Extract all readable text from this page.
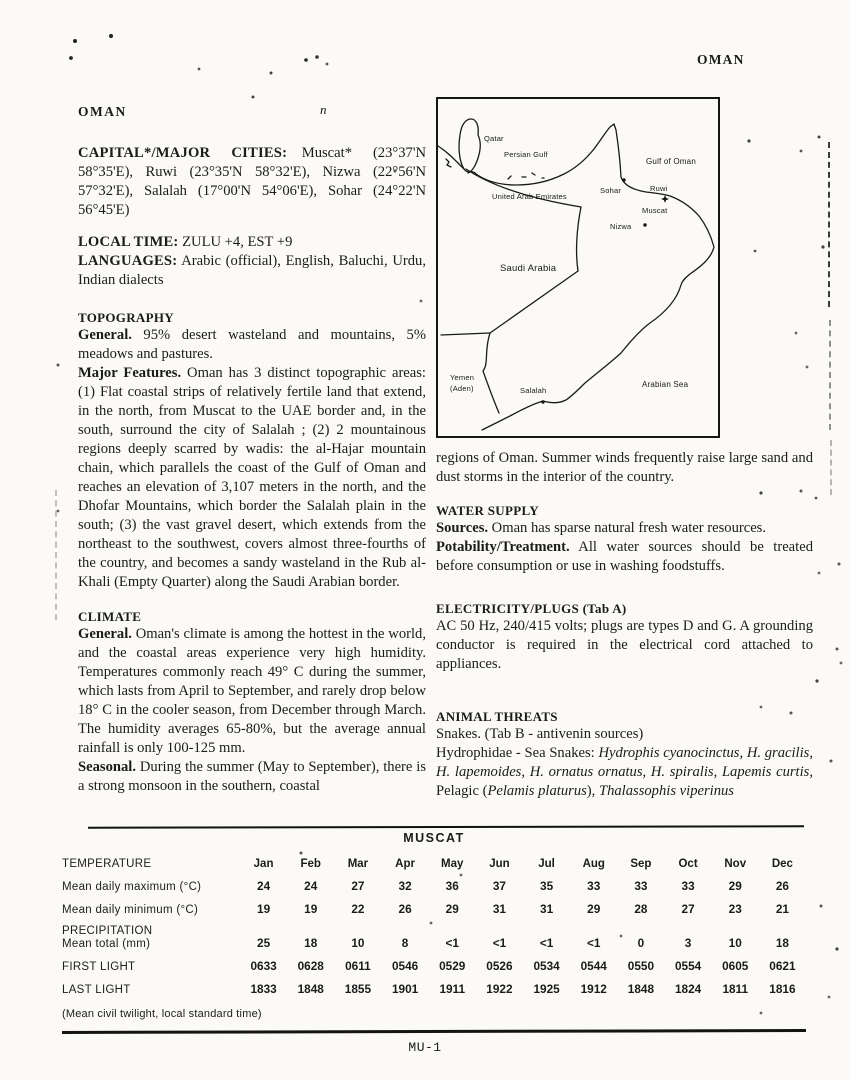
OMAN
n
OMAN

CAPITAL*/MAJOR CITIES:  Muscat* (23°37'N 58°35'E), Ruwi (23°35'N 58°32'E), Nizwa (22°56'N 57°32'E), Salalah (17°00'N 54°06'E), Sohar (24°22'N 56°45'E)

LOCAL TIME: ZULU +4, EST +9

LANGUAGES: Arabic (official), English, Baluchi, Urdu, Indian dialects

TOPOGRAPHY

General. 95% desert wasteland and mountains, 5% meadows and pastures.

Major Features. Oman has 3 distinct topographic areas: (1) Flat coastal strips of relatively fertile land that extend, in the north, from Muscat to the UAE border and, in the south, surround the city of Salalah ; (2) 2 mountainous regions deeply scarred by wadis: the al-Hajar mountain chain, which parallels the coast of the Gulf of Oman and reaches an elevation of 3,107 meters in the north, and the Dhofar Mountains, which border the Salalah plain in the south; (3) the vast gravel desert, which extends from the northeast to the southwest, covers almost three-fourths of the country, and becomes a sandy wasteland in the Rub al-Khali (Empty Quarter) along the Saudi Arabian border.

CLIMATE

General. Oman's climate is among the hottest in the world, and the coastal areas experience very high humidity. Temperatures commonly reach 49° C during the summer, which lasts from April to September, and rarely drop below 18° C in the cooler season, from December through March. The humidity averages 65-80%, but the average annual rainfall is only 100-125 mm.

Seasonal. During the summer (May to September), there is a strong monsoon in the southern, coastal

Qatar
Persian Gulf
Gulf of Oman
United Arab Emirates
Saudi Arabia
Yemen
(Aden)	Salalah
Arabian Sea
Sohar	Ruwi
Muscat
Nizwa

regions of Oman. Summer winds frequently raise large sand and dust storms in the interior of the country.

WATER SUPPLY

Sources. Oman has sparse natural fresh water resources.

Potability/Treatment. All water sources should be treated before consumption or use in washing foodstuffs.

ELECTRICITY/PLUGS (Tab A)

AC 50 Hz, 240/415 volts; plugs are types D and G. A grounding conductor is required in the electrical cord attached to appliances.

ANIMAL THREATS

Snakes. (Tab B - antivenin sources)

Hydrophidae - Sea Snakes: Hydrophis cyanocinctus, H. gracilis, H. lapemoides, H. ornatus ornatus, H. spiralis, Lapemis curtis, Pelagic (Pelamis platurus), Thalassophis viperinus

MUSCAT
TEMPERATURE	Jan	Feb	Mar	Apr	May	Jun	Jul	Aug	Sep	Oct	Nov	Dec
Mean daily maximum (°C)	24	24	27	32	36	37	35	33	33	33	29	26
Mean daily minimum (°C)	19	19	22	26	29	31	31	29	28	27	23	21
PRECIPITATION
Mean total (mm)	25	18	10	8	<1	<1	<1	<1	0	3	10	18
FIRST LIGHT	0633	0628	0611	0546	0529	0526	0534	0544	0550	0554	0605	0621
LAST LIGHT	1833	1848	1855	1901	1911	1922	1925	1912	1848	1824	1811	1816

(Mean civil twilight, local standard time)

MU-1
